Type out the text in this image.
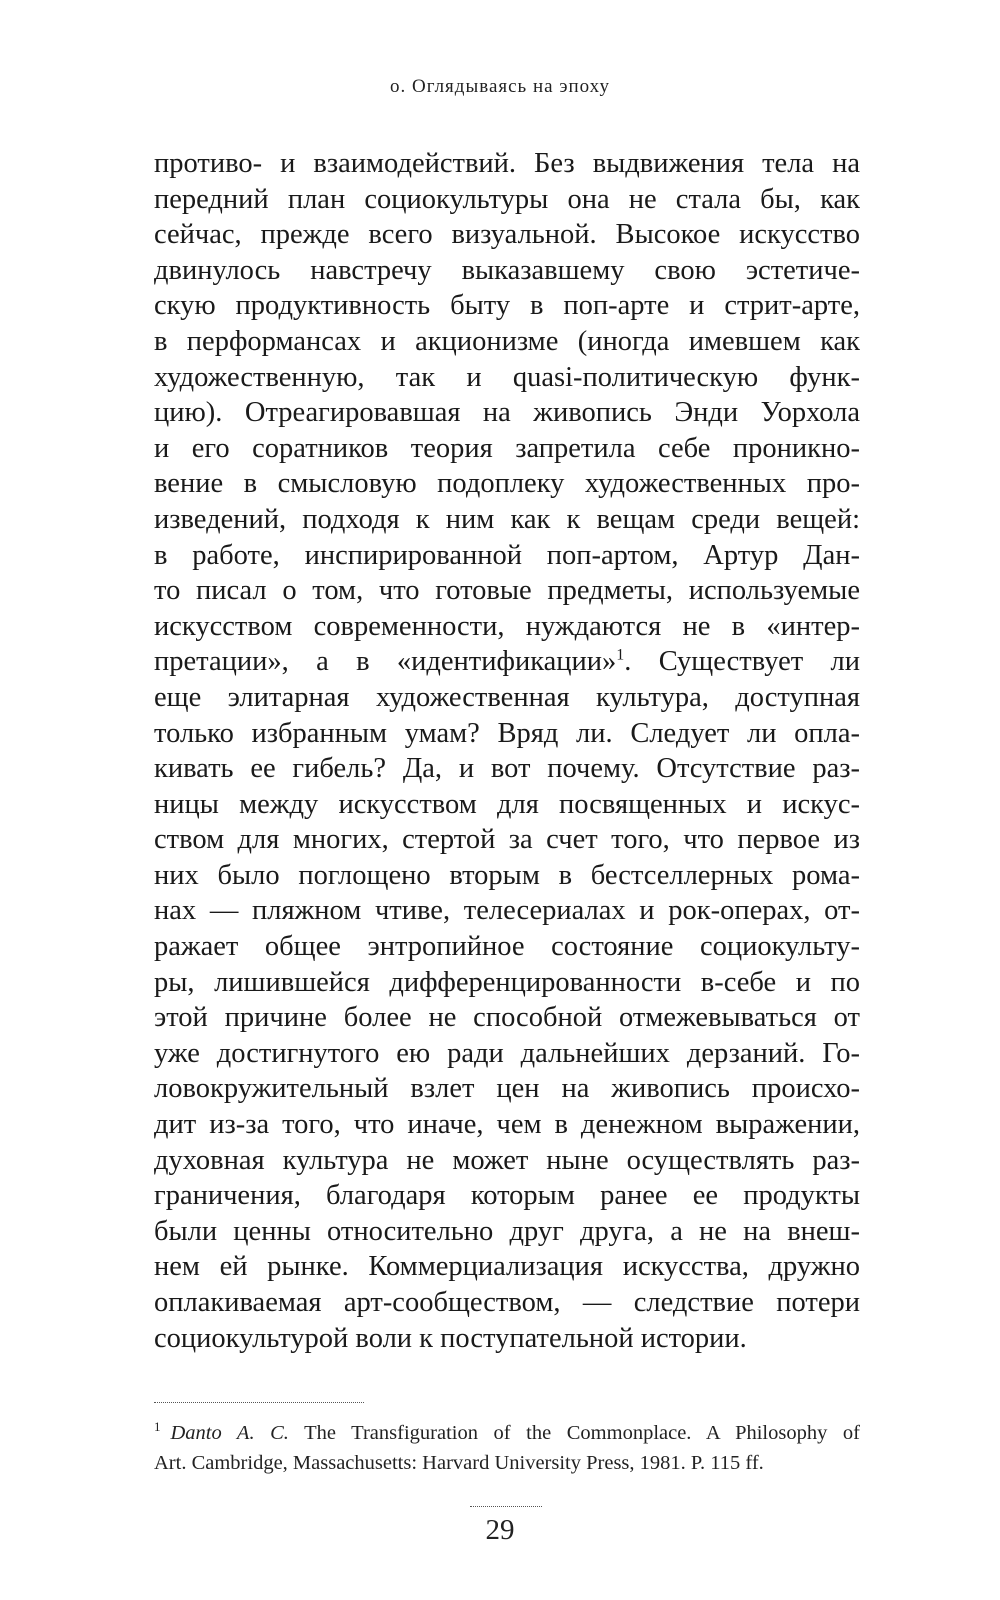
о. Оглядываясь на эпоху
противо- и взаимодействий. Без выдвижения тела на
передний план социокультуры она не стала бы, как
сейчас, прежде всего визуальной. Высокое искусство
двинулось навстречу выказавшему свою эстетиче-
скую продуктивность быту в поп-арте и стрит-арте,
в перформансах и акционизме (иногда имевшем как
художественную, так и quasi-политическую функ-
цию). Отреагировавшая на живопись Энди Уорхола
и его соратников теория запретила себе проникно-
вение в смысловую подоплеку художественных про-
изведений, подходя к ним как к вещам среди вещей:
в работе, инспирированной поп-артом, Артур Дан-
то писал о том, что готовые предметы, используемые
искусством современности, нуждаются не в «интер-
претации», а в «идентификации»$^1$. Существует ли
еще элитарная художественная культура, доступная
только избранным умам? Вряд ли. Следует ли опла-
кивать ее гибель? Да, и вот почему. Отсутствие раз-
ницы между искусством для посвященных и искус-
ством для многих, стертой за счет того, что первое из
них было поглощено вторым в бестселлерных рома-
нах — пляжном чтиве, телесериалах и рок-операх, от-
ражает общее энтропийное состояние социокульту-
ры, лишившейся дифференцированности в-себе и по
этой причине более не способной отмежевываться от
уже достигнутого ею ради дальнейших дерзаний. Го-
ловокружительный взлет цен на живопись происхо-
дит из-за того, что иначе, чем в денежном выражении,
духовная культура не может ныне осуществлять раз-
граничения, благодаря которым ранее ее продукты
были ценны относительно друг друга, а не на внеш-
нем ей рынке. Коммерциализация искусства, дружно
оплакиваемая арт-сообществом, — следствие потери
социокультурой воли к поступательной истории.
$^1$ Danto A. C. The Transfiguration of the Commonplace. A Philosophy of
Art. Cambridge, Massachusetts: Harvard University Press, 1981. P. 115 ff.
29
